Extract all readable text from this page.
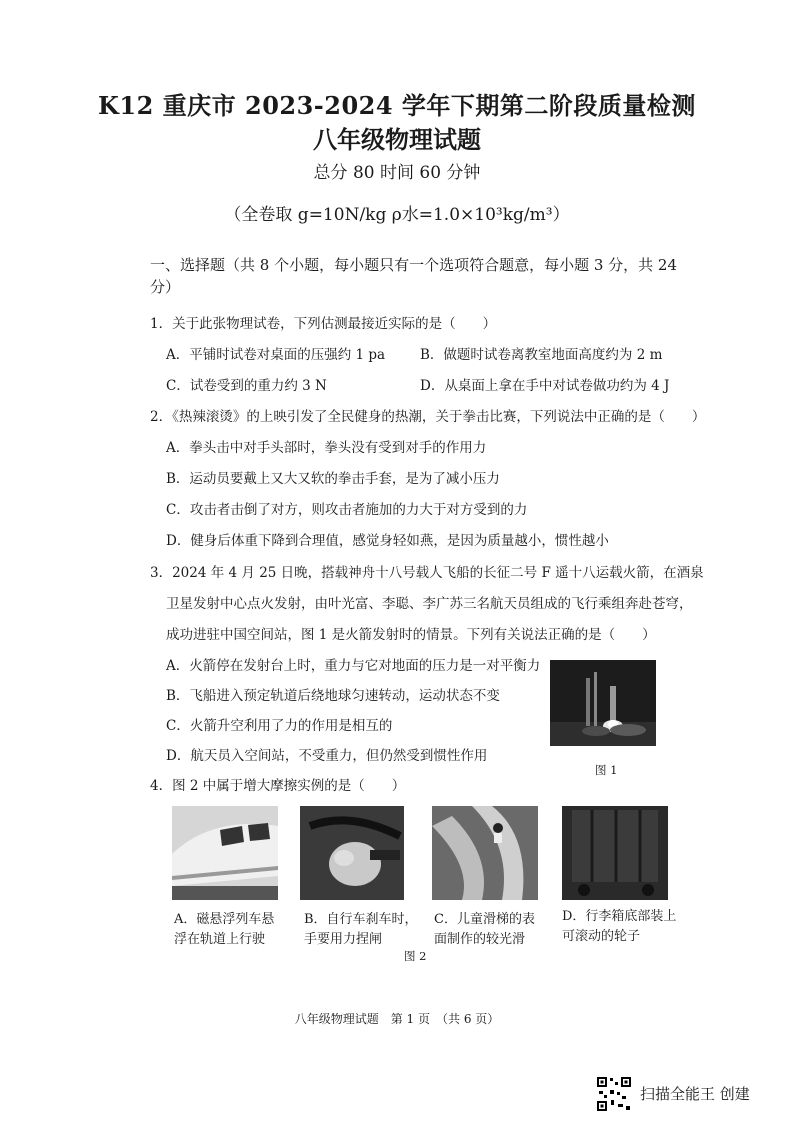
K12 重庆市 2023-2024 学年下期第二阶段质量检测
八年级物理试题
总分 80 时间 60 分钟
（全卷取 g=10N/kg ρ水=1.0×10³kg/m³）
一、选择题（共 8 个小题，每小题只有一个选项符合题意，每小题 3 分，共 24
分）
1．关于此张物理试卷，下列估测最接近实际的是（　　）
A．平铺时试卷对桌面的压强约 1 pa	B．做题时试卷离教室地面高度约为 2 m
C．试卷受到的重力约 3 N	D．从桌面上拿在手中对试卷做功约为 4 J
2．《热辣滚烫》的上映引发了全民健身的热潮，关于拳击比赛，下列说法中正确的是（　　）
A．拳头击中对手头部时，拳头没有受到对手的作用力
B．运动员要戴上又大又软的拳击手套，是为了减小压力
C．攻击者击倒了对方，则攻击者施加的力大于对方受到的力
D．健身后体重下降到合理值，感觉身轻如燕，是因为质量越小，惯性越小
3．2024 年 4 月 25 日晚，搭载神舟十八号载人飞船的长征二号 F 遥十八运载火箭，在酒泉
卫星发射中心点火发射，由叶光富、李聪、李广苏三名航天员组成的飞行乘组奔赴苍穹，
成功进驻中国空间站，图 1 是火箭发射时的情景。下列有关说法正确的是（　　）
A．火箭停在发射台上时，重力与它对地面的压力是一对平衡力
B．飞船进入预定轨道后绕地球匀速转动，运动状态不变
C．火箭升空利用了力的作用是相互的
D．航天员入空间站，不受重力，但仍然受到惯性作用
图 1
4．图 2 中属于增大摩擦实例的是（　　）
A．磁悬浮列车悬
浮在轨道上行驶
B．自行车刹车时，
手要用力捏闸
C．儿童滑梯的表
面制作的较光滑
D．行李箱底部装上
可滚动的轮子
图 2
八年级物理试题　第 1 页　（共 6 页）
扫描全能王 创建
